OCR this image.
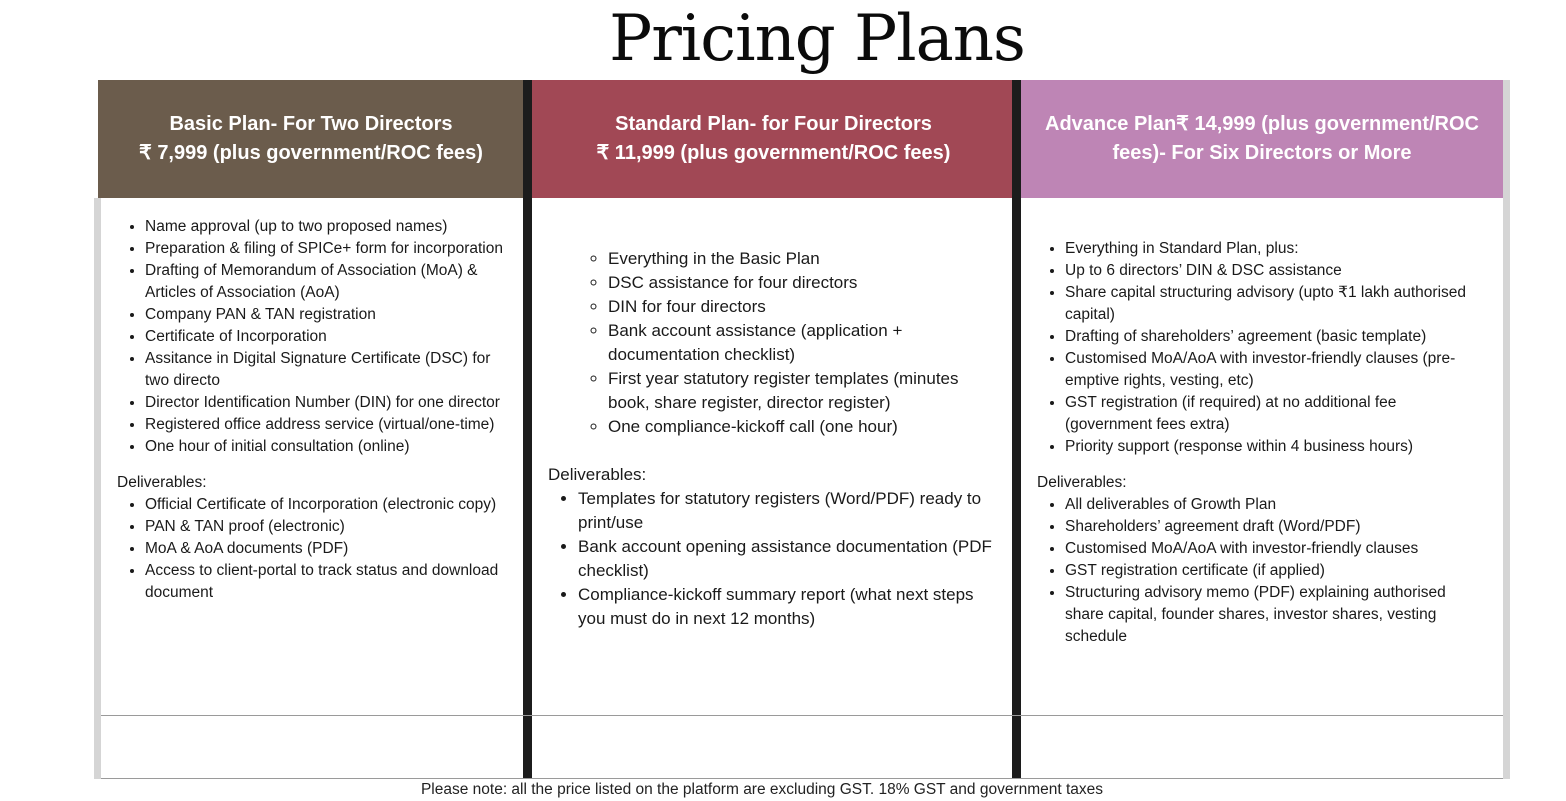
Pricing Plans
Basic Plan- For Two Directors
₹ 7,999 (plus government/ROC fees)
Standard Plan- for Four Directors
₹ 11,999 (plus government/ROC fees)
Advance Plan₹ 14,999 (plus government/ROC fees)- For Six Directors or More
• Name approval (up to two proposed names)
• Preparation & filing of SPICe+ form for incorporation
• Drafting of Memorandum of Association (MoA) & Articles of Association (AoA)
• Company PAN & TAN registration
• Certificate of Incorporation
• Assitance in Digital Signature Certificate (DSC) for two directo
• Director Identification Number (DIN) for one director
• Registered office address service (virtual/one-time)
• One hour of initial consultation (online)
Deliverables:
• Official Certificate of Incorporation (electronic copy)
• PAN & TAN proof (electronic)
• MoA & AoA documents (PDF)
• Access to client-portal to track status and download document
◦ Everything in the Basic Plan
◦ DSC assistance for four directors
◦ DIN for four directors
◦ Bank account assistance (application + documentation checklist)
◦ First year statutory register templates (minutes book, share register, director register)
◦ One compliance-kickoff call (one hour)
Deliverables:
• Templates for statutory registers (Word/PDF) ready to print/use
• Bank account opening assistance documentation (PDF checklist)
• Compliance-kickoff summary report (what next steps you must do in next 12 months)
• Everything in Standard Plan, plus:
• Up to 6 directors’ DIN & DSC assistance
• Share capital structuring advisory (upto ₹1 lakh authorised capital)
• Drafting of shareholders’ agreement (basic template)
• Customised MoA/AoA with investor-friendly clauses (pre-emptive rights, vesting, etc)
• GST registration (if required) at no additional fee (government fees extra)
• Priority support (response within 4 business hours)
Deliverables:
• All deliverables of Growth Plan
• Shareholders’ agreement draft (Word/PDF)
• Customised MoA/AoA with investor-friendly clauses
• GST registration certificate (if applied)
• Structuring advisory memo (PDF) explaining authorised share capital, founder shares, investor shares, vesting schedule
Please note: all the price listed on the platform are excluding GST. 18% GST and government taxes
